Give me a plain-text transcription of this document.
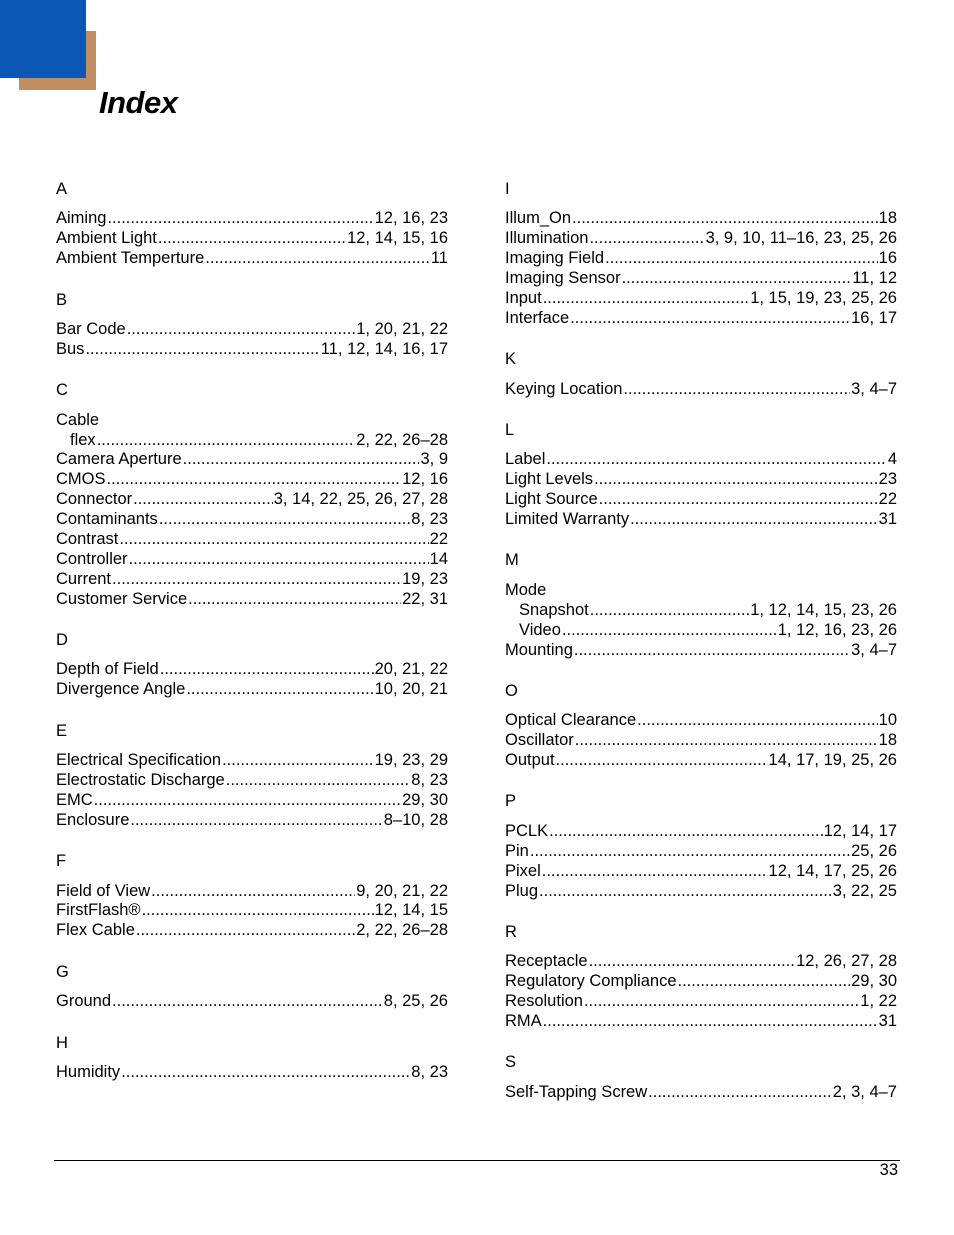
Index
A
Aiming .....	12, 16, 23
Ambient Light .....	12, 14, 15, 16
Ambient Temperture .....	11
B
Bar Code .....	1, 20, 21, 22
Bus .....	11, 12, 14, 16, 17
C
Cable
flex .....	2, 22, 26–28
Camera Aperture .....	3, 9
CMOS .....	12, 16
Connector .....	3, 14, 22, 25, 26, 27, 28
Contaminants .....	8, 23
Contrast .....	22
Controller .....	14
Current .....	19, 23
Customer Service .....	22, 31
D
Depth of Field .....	20, 21, 22
Divergence Angle .....	10, 20, 21
E
Electrical Specification .....	19, 23, 29
Electrostatic Discharge .....	8, 23
EMC .....	29, 30
Enclosure .....	8–10, 28
F
Field of View .....	9, 20, 21, 22
FirstFlash® .....	12, 14, 15
Flex Cable .....	2, 22, 26–28
G
Ground .....	8, 25, 26
H
Humidity .....	8, 23
I
Illum_On .....	18
Illumination .....	3, 9, 10, 11–16, 23, 25, 26
Imaging Field .....	16
Imaging Sensor .....	11, 12
Input .....	1, 15, 19, 23, 25, 26
Interface .....	16, 17
K
Keying Location .....	3, 4–7
L
Label .....	4
Light Levels .....	23
Light Source .....	22
Limited Warranty .....	31
M
Mode
Snapshot .....	1, 12, 14, 15, 23, 26
Video .....	1, 12, 16, 23, 26
Mounting .....	3, 4–7
O
Optical Clearance .....	10
Oscillator .....	18
Output .....	14, 17, 19, 25, 26
P
PCLK .....	12, 14, 17
Pin .....	25, 26
Pixel .....	12, 14, 17, 25, 26
Plug .....	3, 22, 25
R
Receptacle .....	12, 26, 27, 28
Regulatory Compliance .....	29, 30
Resolution .....	1, 22
RMA .....	31
S
Self-Tapping Screw .....	2, 3, 4–7
33
